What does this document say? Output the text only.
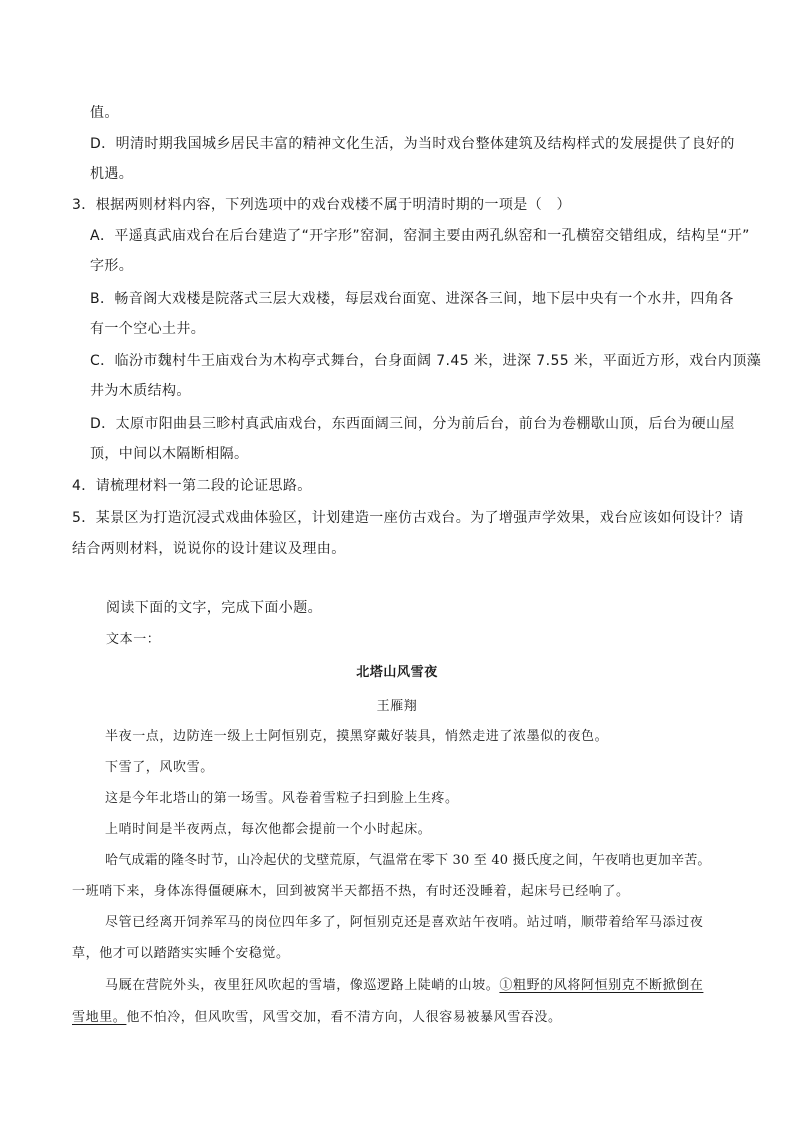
值。
D．明清时期我国城乡居民丰富的精神文化生活，为当时戏台整体建筑及结构样式的发展提供了良好的
机遇。
3．根据两则材料内容，下列选项中的戏台戏楼不属于明清时期的一项是（　）
A．平遥真武庙戏台在后台建造了“开字形”窑洞，窑洞主要由两孔纵窑和一孔横窑交错组成，结构呈“开”
字形。
B．畅音阁大戏楼是院落式三层大戏楼，每层戏台面宽、进深各三间，地下层中央有一个水井，四角各
有一个空心土井。
C．临汾市魏村牛王庙戏台为木构亭式舞台，台身面阔 7.45 米，进深 7.55 米，平面近方形，戏台内顶藻
井为木质结构。
D．太原市阳曲县三畛村真武庙戏台，东西面阔三间，分为前后台，前台为卷棚歇山顶，后台为硬山屋
顶，中间以木隔断相隔。
4．请梳理材料一第二段的论证思路。
5．某景区为打造沉浸式戏曲体验区，计划建造一座仿古戏台。为了增强声学效果，戏台应该如何设计？请
结合两则材料，说说你的设计建议及理由。
阅读下面的文字，完成下面小题。
文本一：
北塔山风雪夜
王雁翔
半夜一点，边防连一级上士阿恒别克，摸黑穿戴好装具，悄然走进了浓墨似的夜色。
下雪了，风吹雪。
这是今年北塔山的第一场雪。风卷着雪粒子扫到脸上生疼。
上哨时间是半夜两点，每次他都会提前一个小时起床。
哈气成霜的隆冬时节，山冷起伏的戈壁荒原，气温常在零下 30 至 40 摄氏度之间，午夜哨也更加辛苦。
一班哨下来，身体冻得僵硬麻木，回到被窝半天都捂不热，有时还没睡着，起床号已经响了。
尽管已经离开饲养军马的岗位四年多了，阿恒别克还是喜欢站午夜哨。站过哨，顺带着给军马添过夜
草，他才可以踏踏实实睡个安稳觉。
马厩在营院外头，夜里狂风吹起的雪墙，像巡逻路上陡峭的山坡。①粗野的风将阿恒别克不断掀倒在
雪地里。他不怕冷，但风吹雪，风雪交加，看不清方向，人很容易被暴风雪吞没。
